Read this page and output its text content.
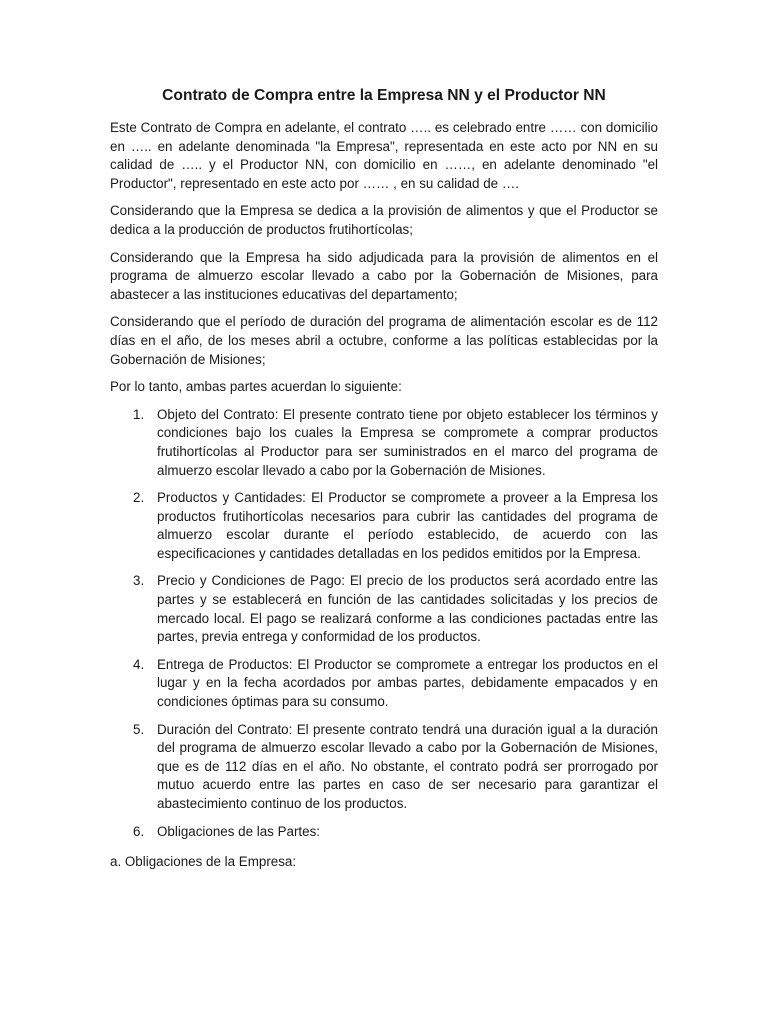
Contrato de Compra entre la Empresa NN y el Productor NN

Este Contrato de Compra en adelante, el contrato ….. es celebrado entre …… con domicilio en ….. en adelante denominada "la Empresa", representada en este acto por NN en su calidad de ….. y el Productor NN, con domicilio en ……, en adelante denominado "el Productor", representado en este acto por …… , en su calidad de ….

Considerando que la Empresa se dedica a la provisión de alimentos y que el Productor se dedica a la producción de productos frutihortícolas;

Considerando que la Empresa ha sido adjudicada para la provisión de alimentos en el programa de almuerzo escolar llevado a cabo por la Gobernación de Misiones, para abastecer a las instituciones educativas del departamento;

Considerando que el período de duración del programa de alimentación escolar es de 112 días en el año, de los meses abril a octubre, conforme a las políticas establecidas por la Gobernación de Misiones;

Por lo tanto, ambas partes acuerdan lo siguiente:

1. Objeto del Contrato: El presente contrato tiene por objeto establecer los términos y condiciones bajo los cuales la Empresa se compromete a comprar productos frutihortícolas al Productor para ser suministrados en el marco del programa de almuerzo escolar llevado a cabo por la Gobernación de Misiones.
2. Productos y Cantidades: El Productor se compromete a proveer a la Empresa los productos frutihortícolas necesarios para cubrir las cantidades del programa de almuerzo escolar durante el período establecido, de acuerdo con las especificaciones y cantidades detalladas en los pedidos emitidos por la Empresa.
3. Precio y Condiciones de Pago: El precio de los productos será acordado entre las partes y se establecerá en función de las cantidades solicitadas y los precios de mercado local. El pago se realizará conforme a las condiciones pactadas entre las partes, previa entrega y conformidad de los productos.
4. Entrega de Productos: El Productor se compromete a entregar los productos en el lugar y en la fecha acordados por ambas partes, debidamente empacados y en condiciones óptimas para su consumo.
5. Duración del Contrato: El presente contrato tendrá una duración igual a la duración del programa de almuerzo escolar llevado a cabo por la Gobernación de Misiones, que es de 112 días en el año. No obstante, el contrato podrá ser prorrogado por mutuo acuerdo entre las partes en caso de ser necesario para garantizar el abastecimiento continuo de los productos.
6. Obligaciones de las Partes:

a. Obligaciones de la Empresa:
